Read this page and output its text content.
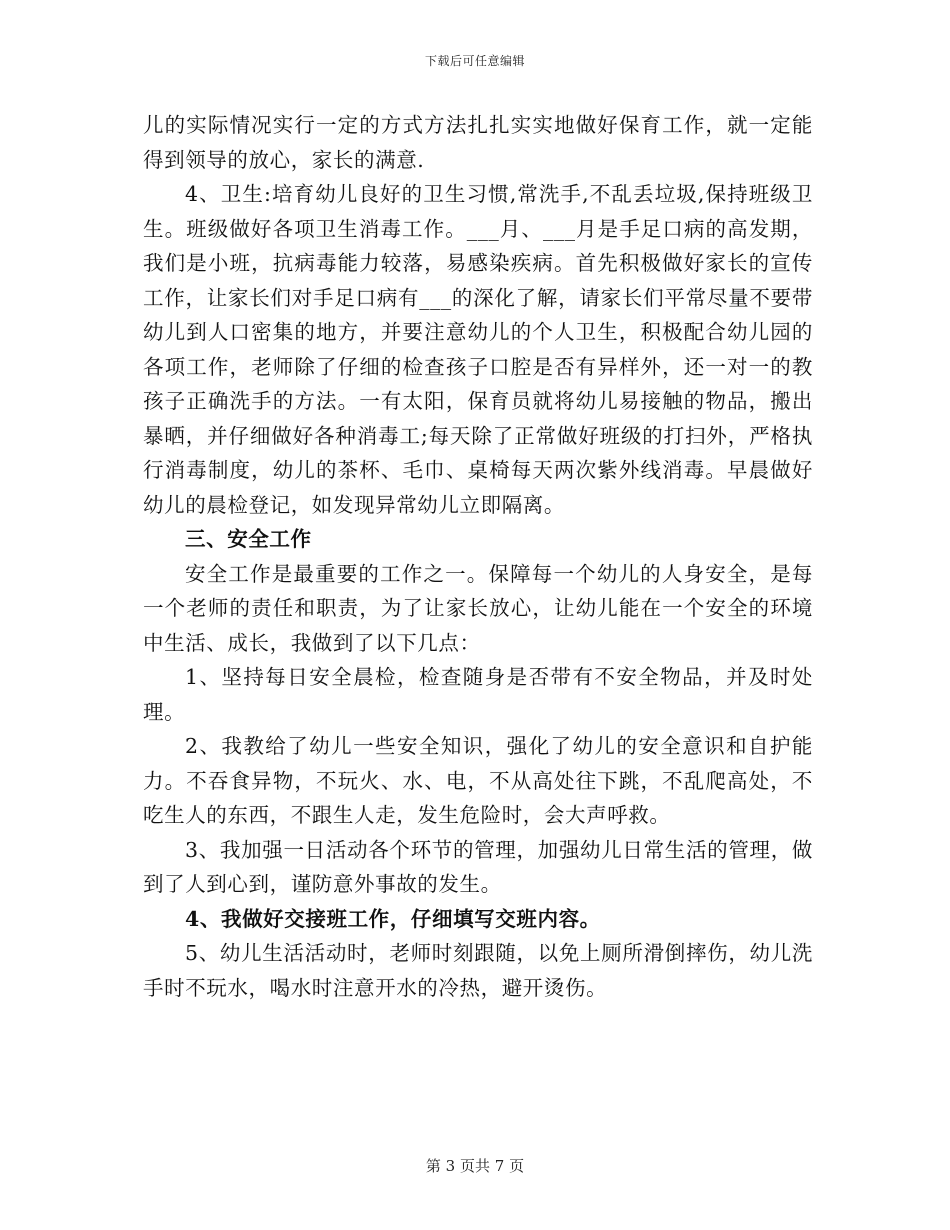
下载后可任意编辑

儿的实际情况实行一定的方式方法扎扎实实地做好保育工作，就一定能得到领导的放心，家长的满意.

4、卫生:培育幼儿良好的卫生习惯,常洗手,不乱丢垃圾,保持班级卫生。班级做好各项卫生消毒工作。___月、___月是手足口病的高发期，我们是小班，抗病毒能力较落，易感染疾病。首先积极做好家长的宣传工作，让家长们对手足口病有___的深化了解，请家长们平常尽量不要带幼儿到人口密集的地方，并要注意幼儿的个人卫生，积极配合幼儿园的各项工作，老师除了仔细的检查孩子口腔是否有异样外，还一对一的教孩子正确洗手的方法。一有太阳，保育员就将幼儿易接触的物品，搬出暴晒，并仔细做好各种消毒工;每天除了正常做好班级的打扫外，严格执行消毒制度，幼儿的茶杯、毛巾、桌椅每天两次紫外线消毒。早晨做好幼儿的晨检登记，如发现异常幼儿立即隔离。

三、安全工作

安全工作是最重要的工作之一。保障每一个幼儿的人身安全，是每一个老师的责任和职责，为了让家长放心，让幼儿能在一个安全的环境中生活、成长，我做到了以下几点：

1、坚持每日安全晨检，检查随身是否带有不安全物品，并及时处理。

2、我教给了幼儿一些安全知识，强化了幼儿的安全意识和自护能力。不吞食异物，不玩火、水、电，不从高处往下跳，不乱爬高处，不吃生人的东西，不跟生人走，发生危险时，会大声呼救。

3、我加强一日活动各个环节的管理，加强幼儿日常生活的管理，做到了人到心到，谨防意外事故的发生。

4、我做好交接班工作，仔细填写交班内容。

5、幼儿生活活动时，老师时刻跟随，以免上厕所滑倒摔伤，幼儿洗手时不玩水，喝水时注意开水的冷热，避开烫伤。

第 3 页共 7 页
